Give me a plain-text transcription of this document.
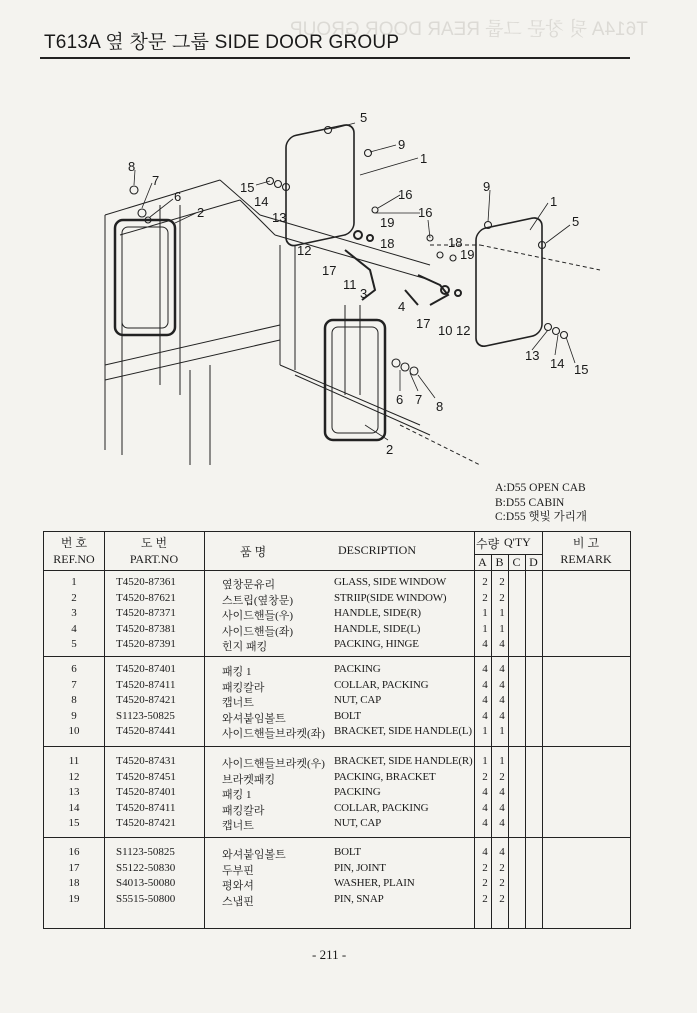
T614A 뒷 창문 그룹 REAR DOOR GROUP
T613A 옆 창문 그룹 SIDE DOOR GROUP
5
9
1
8
7
6
2
15
14
13
16
19
18
12
17
11
3
9
1
5
16
18
19
4
17 10 12
13
14 15
6 7 8
2
A:D55 OPEN CAB
B:D55 CABIN
C:D55 햇빛 가리개
번 호
REF.NO
도 번
PART.NO	품 명	DESCRIPTION	수량 Q'TY
A B C D
비 고
REMARK
1	T4520-87361	옆창문유리	GLASS, SIDE WINDOW	2	2
2	T4520-87621	스트립(옆창문)	STRIIP(SIDE WINDOW)	2	2
3	T4520-87371	사이드핸들(우)	HANDLE, SIDE(R)	1	1
4	T4520-87381	사이드핸들(좌)	HANDLE, SIDE(L)	1	1
5	T4520-87391	힌지 패킹	PACKING, HINGE	4	4
6	T4520-87401	패킹 1	PACKING	4	4
7	T4520-87411	패킹칼라	COLLAR, PACKING	4	4
8	T4520-87421	캡너트	NUT, CAP	4	4
9	S1123-50825	와셔붙임볼트	BOLT	4	4
10	T4520-87441	사이드핸들브라켓(좌) BRACKET, SIDE HANDLE(L) 1	1
11	T4520-87431	사이드핸들브라켓(우) BRACKET, SIDE HANDLE(R) 1	1
12	T4520-87451	브라켓패킹	PACKING, BRACKET	2	2
13	T4520-87401	패킹 1	PACKING	4	4
14	T4520-87411	패킹칼라	COLLAR, PACKING	4	4
15	T4520-87421	캡너트	NUT, CAP	4	4
16	S1123-50825	와셔붙임볼트	BOLT	4	4
17	S5122-50830	두부핀	PIN, JOINT	2	2
18	S4013-50080	평와셔	WASHER, PLAIN	2	2
19	S5515-50800	스냅핀	PIN, SNAP	2	2
- 211 -
